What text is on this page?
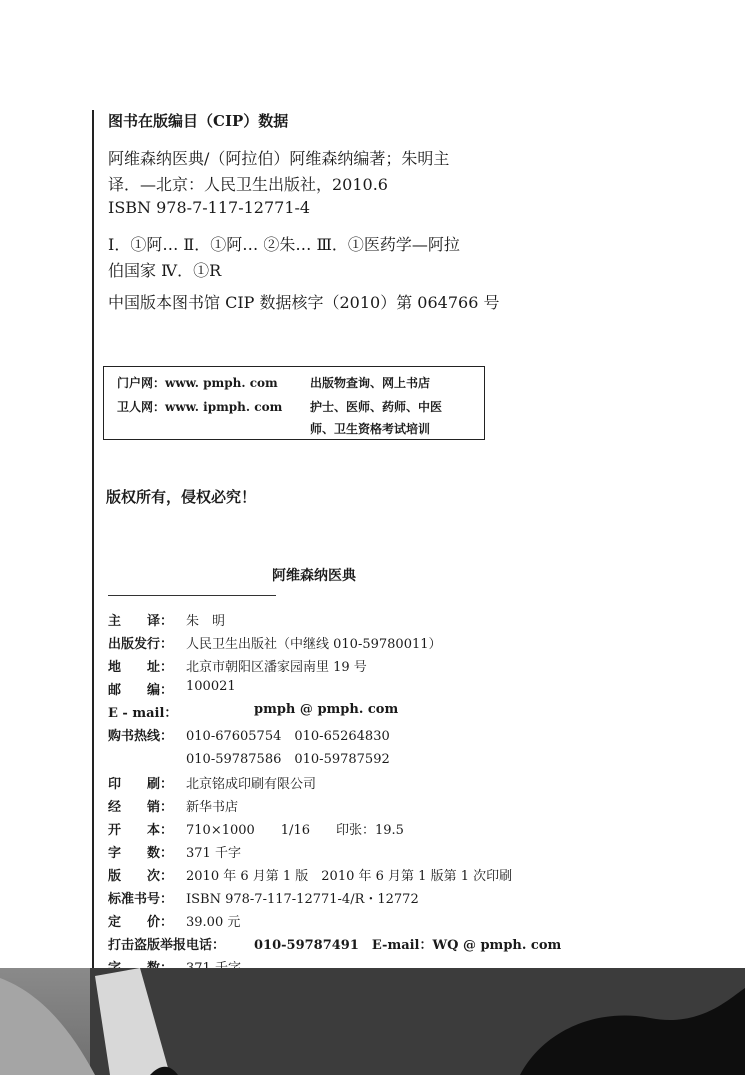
图书在版编目（CIP）数据
阿维森纳医典/（阿拉伯）阿维森纳编著；朱明主
译．—北京：人民卫生出版社，2010.6
ISBN 978-7-117-12771-4
Ⅰ．①阿… Ⅱ．①阿… ②朱… Ⅲ．①医药学—阿拉
伯国家 Ⅳ．①R
中国版本图书馆 CIP 数据核字（2010）第 064766 号
门户网：www. pmph. com	出版物查询、网上书店
卫人网：www. ipmph. com 护士、医师、药师、中医
师、卫生资格考试培训
版权所有，侵权必究！
阿维森纳医典
主　　译： 朱　明
出版发行： 人民卫生出版社（中继线 010-59780011）
地　　址： 北京市朝阳区潘家园南里 19 号
邮　　编： 100021
E - mail：	pmph @ pmph. com
购书热线： 010-67605754　010-65264830
010-59787586　010-59787592
印　　刷： 北京铭成印刷有限公司
经　　销： 新华书店
开　　本： 710×1000　　1/16　　印张：19.5
字　　数： 371 千字
版　　次： 2010 年 6 月第 1 版　2010 年 6 月第 1 版第 1 次印刷
标准书号： ISBN 978-7-117-12771-4/R・12772
定　　价： 39.00 元
打击盗版举报电话： 010-59787491　E-mail：WQ @ pmph. com
